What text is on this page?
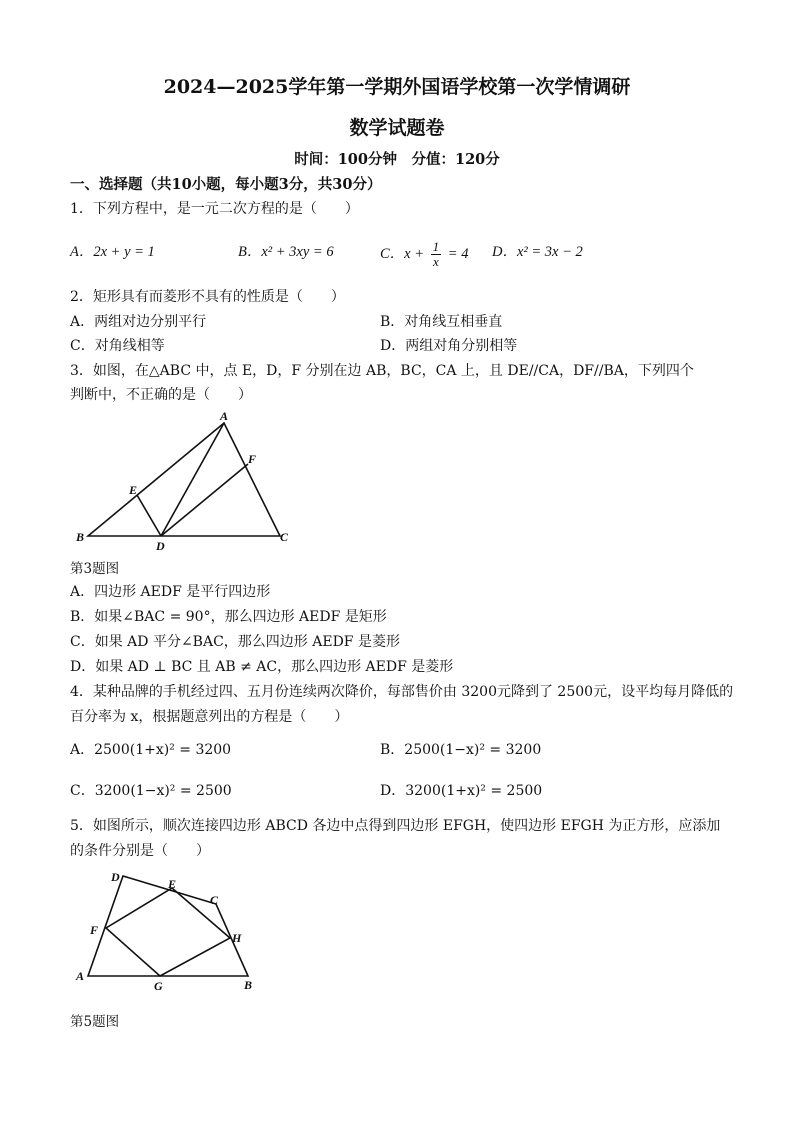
2024—2025学年第一学期外国语学校第一次学情调研
数学试题卷
时间：100分钟　分值：120分
一、选择题（共10小题，每小题3分，共30分）
1．下列方程中，是一元二次方程的是（　　）
A．2x + y = 1	B．x² + 3xy = 6	C．$x + \frac{1}{x} = 4$ D．x² = 3x − 2
2．矩形具有而菱形不具有的性质是（　　）
A．两组对边分别平行	B．对角线互相垂直
C．对角线相等	D．两组对角分别相等
3．如图，在△ABC 中，点 E，D，F 分别在边 AB，BC，CA 上，且 DE//CA，DF//BA，下列四个
判断中，不正确的是（　　）
A
B	C
D
E
F
第3题图
A．四边形 AEDF 是平行四边形
B．如果∠BAC = 90°，那么四边形 AEDF 是矩形
C．如果 AD 平分∠BAC，那么四边形 AEDF 是菱形
D．如果 AD ⊥ BC 且 AB ≠ AC，那么四边形 AEDF 是菱形
4．某种品牌的手机经过四、五月份连续两次降价，每部售价由 3200元降到了 2500元，设平均每月降低的
百分率为 x，根据题意列出的方程是（　　）
A．2500(1+x)² = 3200	B．2500(1−x)² = 3200
C．3200(1−x)² = 2500	D．3200(1+x)² = 2500
5．如图所示，顺次连接四边形 ABCD 各边中点得到四边形 EFGH，使四边形 EFGH 为正方形，应添加
的条件分别是（　　）
A
B
C
D	E
F
G
H
第5题图
